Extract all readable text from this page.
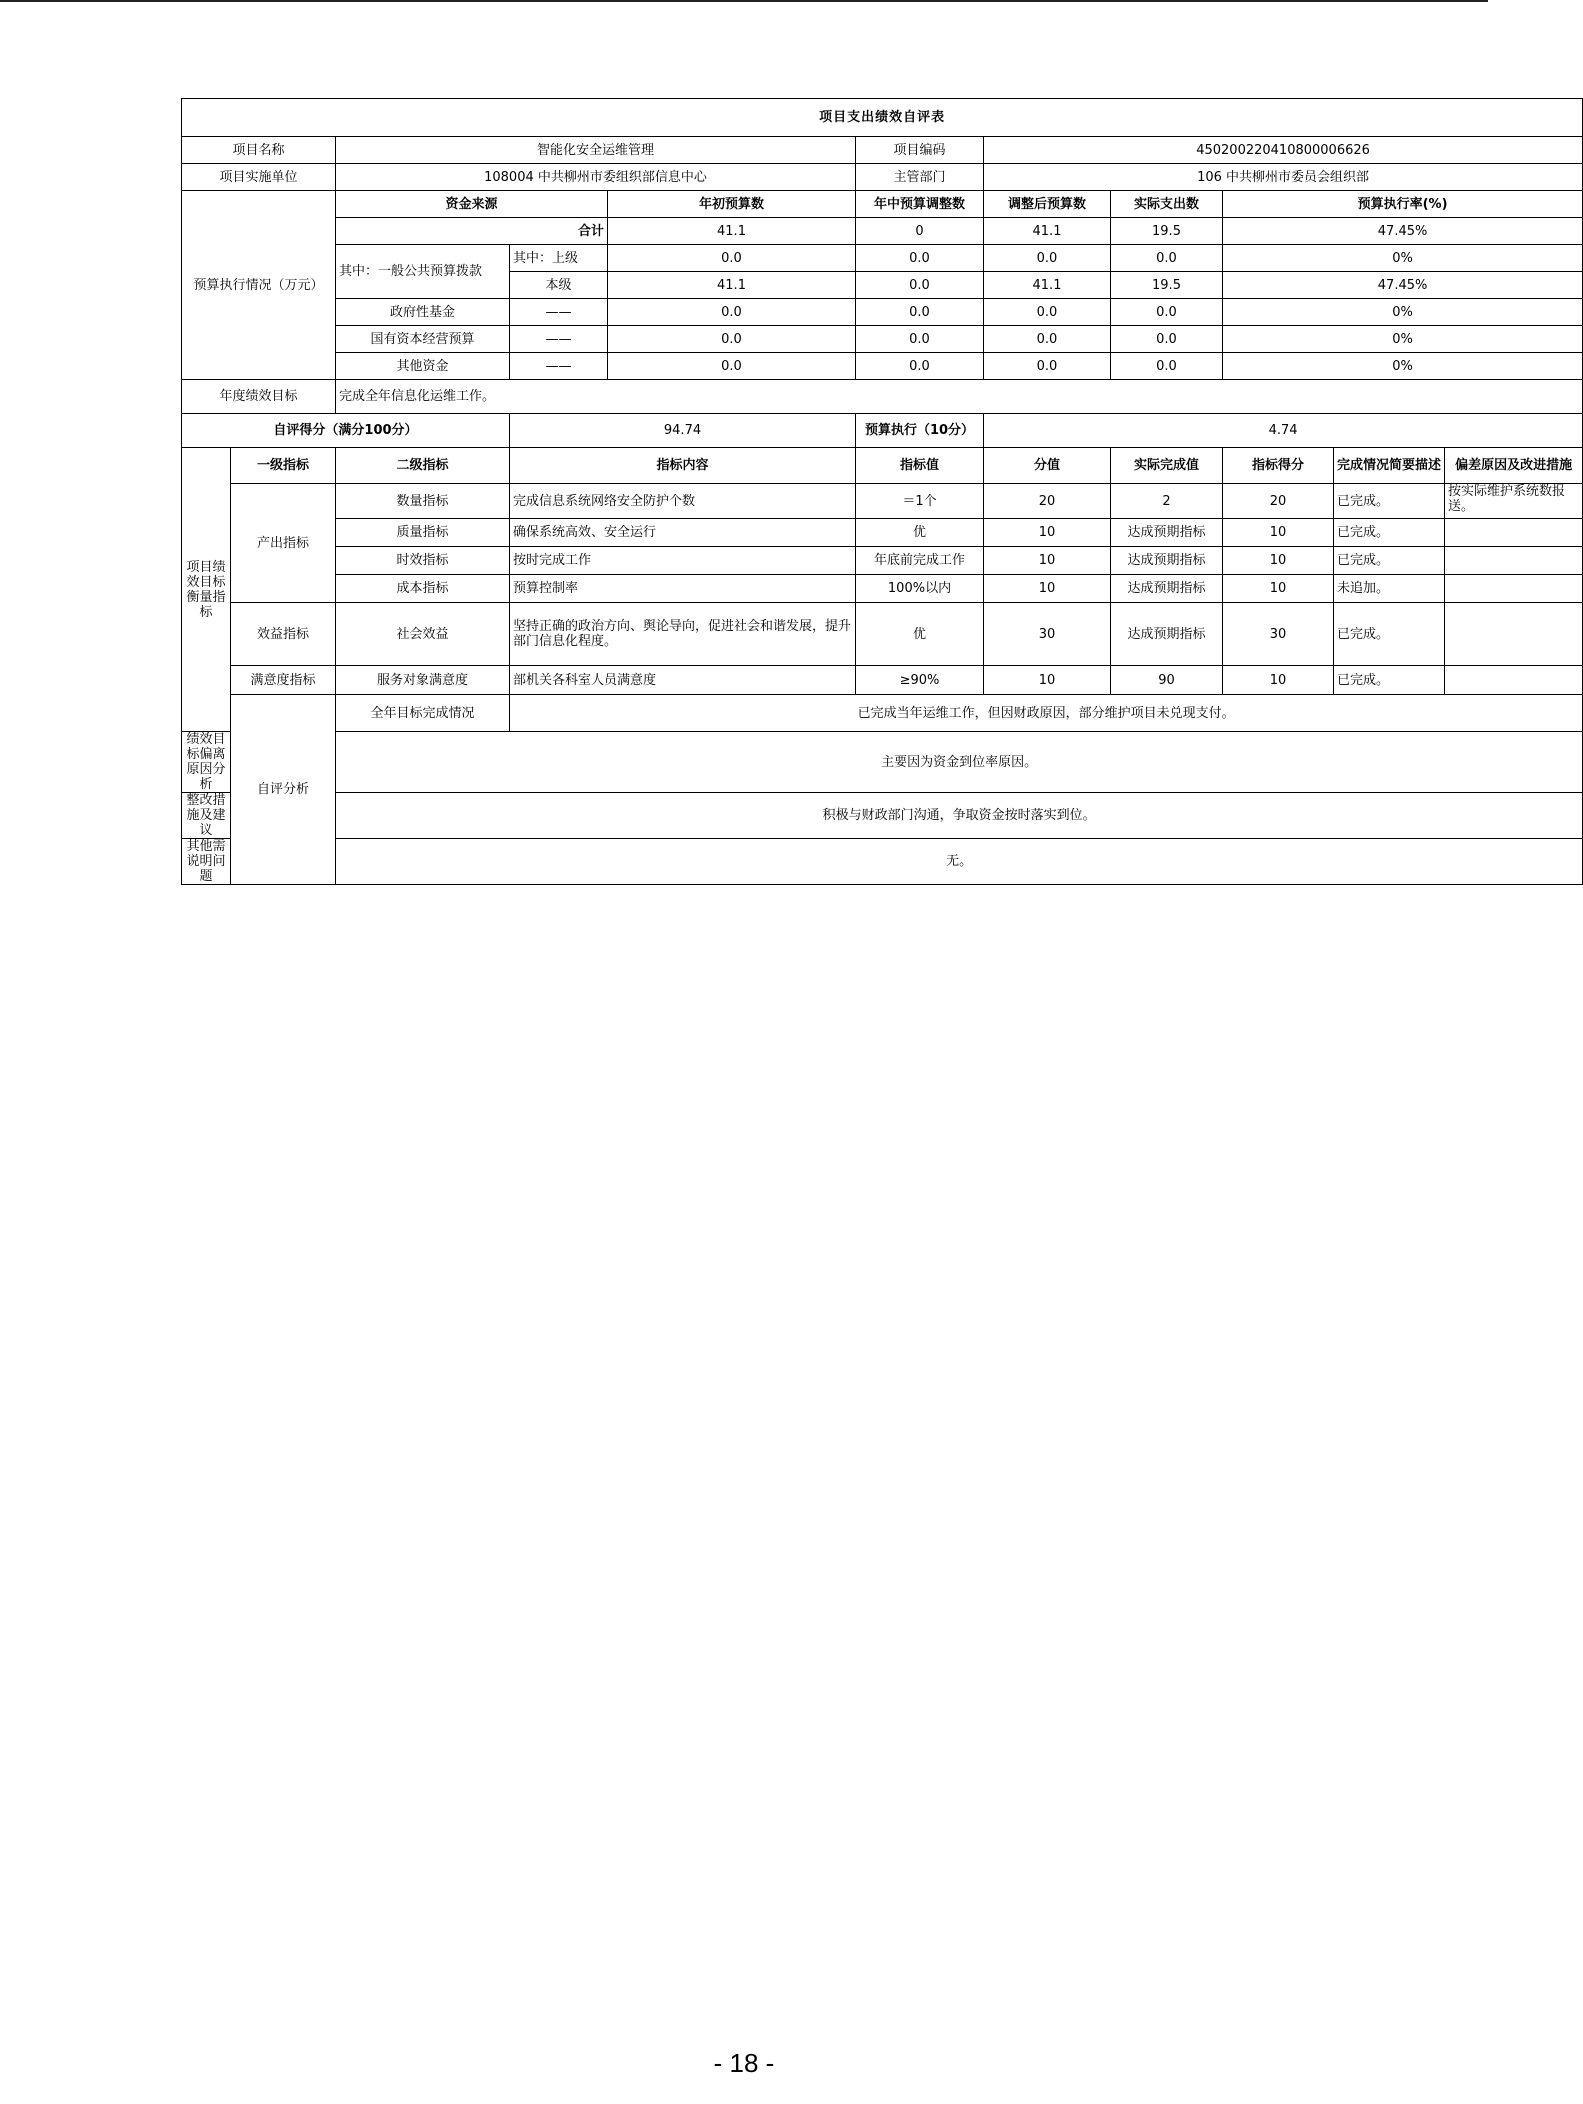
项目支出绩效自评表										
项目名称		智能化安全运维管理			项目编码	450200220410800006626				
项目实施单位		108004 中共柳州市委组织部信息中心			主管部门	106 中共柳州市委员会组织部				
预算执行情况（万元）		资金来源		年初预算数	年中预算调整数	调整后预算数	实际支出数	预算执行率(%)		
		合计		41.1	0	41.1	19.5	47.45%		
		其中：一般公共预算拨款	其中：上级	0.0	0.0	0.0	0.0	0%		
			本级	41.1	0.0	41.1	19.5	47.45%		
		政府性基金	——	0.0	0.0	0.0	0.0	0%		
		国有资本经营预算	——	0.0	0.0	0.0	0.0	0%		
		其他资金	——	0.0	0.0	0.0	0.0	0%		
年度绩效目标		完成全年信息化运维工作。								
自评得分（满分100分）			94.74		预算执行（10分）	4.74				
项目绩效目标衡量指标	一级指标	二级指标	指标内容		指标值	分值	实际完成值	指标得分	完成情况简要描述	偏差原因及改进措施
	产出指标	数量指标	完成信息系统网络安全防护个数		＝1个	20	2	20	已完成。	按实际维护系统数报送。
		质量指标	确保系统高效、安全运行		优	10	达成预期指标	10	已完成。	
		时效指标	按时完成工作		年底前完成工作	10	达成预期指标	10	已完成。	
		成本指标	预算控制率		100%以内	10	达成预期指标	10	未追加。	
	效益指标	社会效益	坚持正确的政治方向、舆论导向，促进社会和谐发展，提升部门信息化程度。		优	30	达成预期指标	30	已完成。	
	满意度指标	服务对象满意度	部机关各科室人员满意度		≥90%	10	90	10	已完成。	
	自评分析	全年目标完成情况	已完成当年运维工作，但因财政原因，部分维护项目未兑现支付。							
绩效目标偏离原因分析		主要因为资金到位率原因。								
整改措施及建议		积极与财政部门沟通，争取资金按时落实到位。								
其他需说明问题		无。								
- 18 -
